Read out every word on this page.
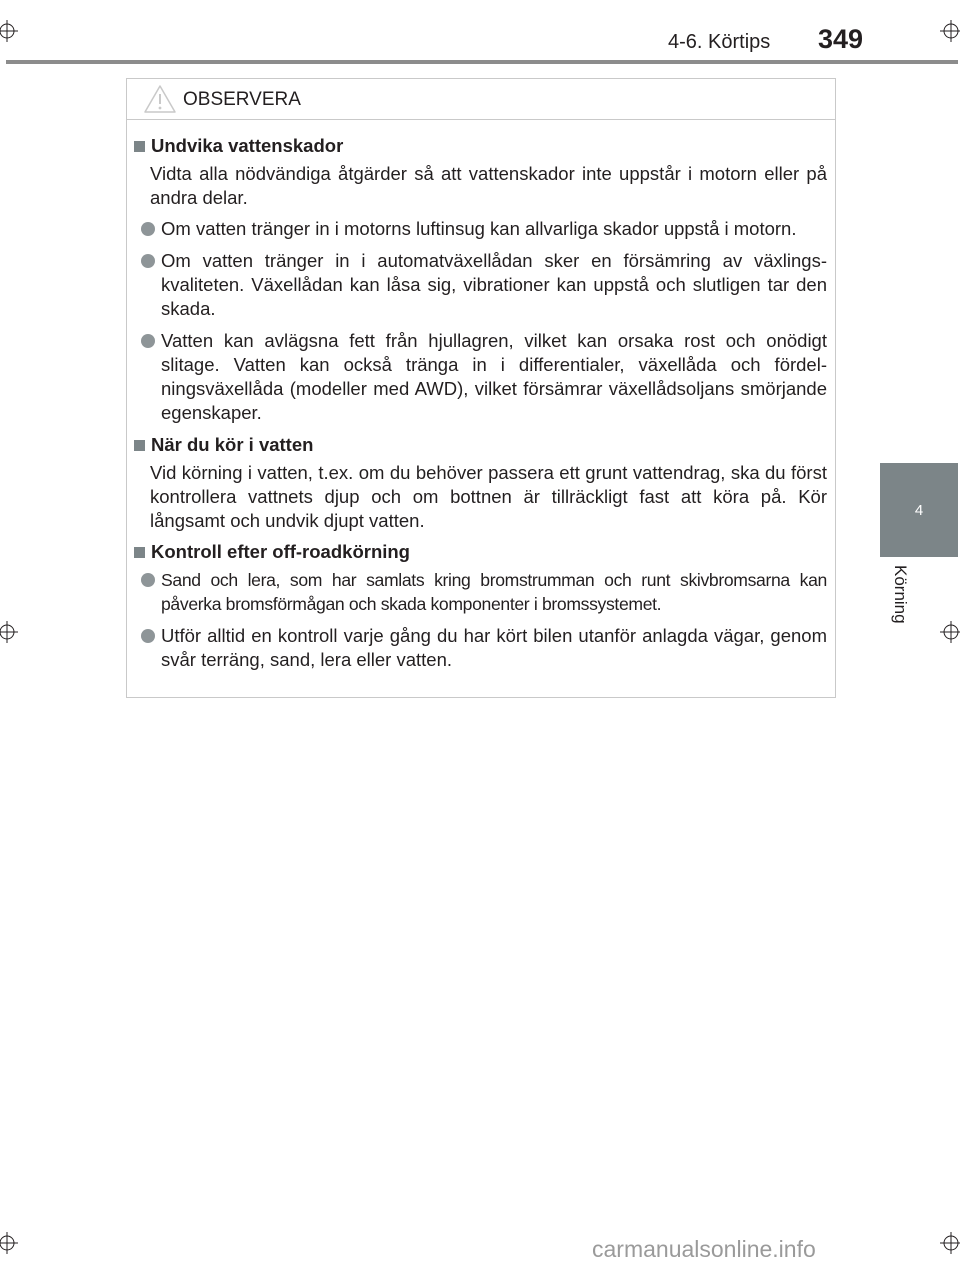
4-6. Körtips 349
4
Körning
OBSERVERA
Undvika vattenskador
Vidta alla nödvändiga åtgärder så att vattenskador inte uppstår i motorn eller på andra delar.
Om vatten tränger in i motorns luftinsug kan allvarliga skador uppstå i motorn.
Om vatten tränger in i automatväxellådan sker en försämring av växlings-kvaliteten. Växellådan kan låsa sig, vibrationer kan uppstå och slutligen tar den skada.
Vatten kan avlägsna fett från hjullagren, vilket kan orsaka rost och onödigt slitage. Vatten kan också tränga in i differentialer, växellåda och fördel-ningsväxellåda (modeller med AWD), vilket försämrar växellådsoljans smörjande egenskaper.
När du kör i vatten
Vid körning i vatten, t.ex. om du behöver passera ett grunt vattendrag, ska du först kontrollera vattnets djup och om bottnen är tillräckligt fast att köra på. Kör långsamt och undvik djupt vatten.
Kontroll efter off-roadkörning
Sand och lera, som har samlats kring bromstrumman och runt skivbromsarna kan påverka bromsförmågan och skada komponenter i bromssystemet.
Utför alltid en kontroll varje gång du har kört bilen utanför anlagda vägar, genom svår terräng, sand, lera eller vatten.
carmanualsonline.info
